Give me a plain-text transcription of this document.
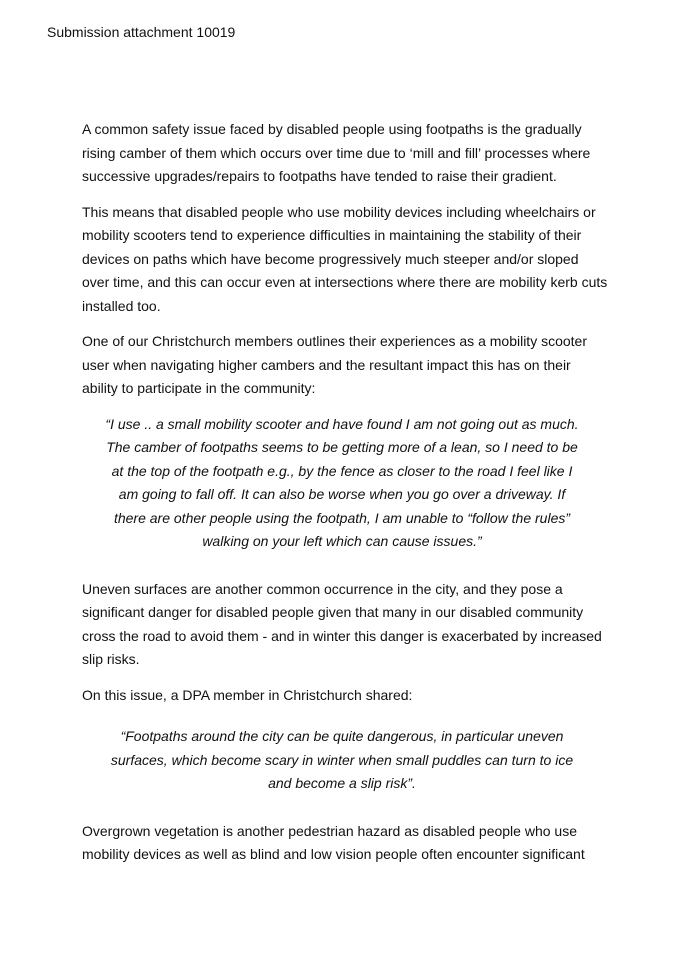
Submission attachment 10019

A common safety issue faced by disabled people using footpaths is the gradually
rising camber of them which occurs over time due to ‘mill and fill’ processes where
successive upgrades/repairs to footpaths have tended to raise their gradient.

This means that disabled people who use mobility devices including wheelchairs or
mobility scooters tend to experience difficulties in maintaining the stability of their
devices on paths which have become progressively much steeper and/or sloped
over time, and this can occur even at intersections where there are mobility kerb cuts
installed too.

One of our Christchurch members outlines their experiences as a mobility scooter
user when navigating higher cambers and the resultant impact this has on their
ability to participate in the community:

“I use .. a small mobility scooter and have found I am not going out as much.
The camber of footpaths seems to be getting more of a lean, so I need to be
at the top of the footpath e.g., by the fence as closer to the road I feel like I
am going to fall off. It can also be worse when you go over a driveway. If
there are other people using the footpath, I am unable to “follow the rules”
walking on your left which can cause issues.”

Uneven surfaces are another common occurrence in the city, and they pose a
significant danger for disabled people given that many in our disabled community
cross the road to avoid them - and in winter this danger is exacerbated by increased
slip risks.

On this issue, a DPA member in Christchurch shared:

“Footpaths around the city can be quite dangerous, in particular uneven
surfaces, which become scary in winter when small puddles can turn to ice
and become a slip risk”.

Overgrown vegetation is another pedestrian hazard as disabled people who use
mobility devices as well as blind and low vision people often encounter significant
